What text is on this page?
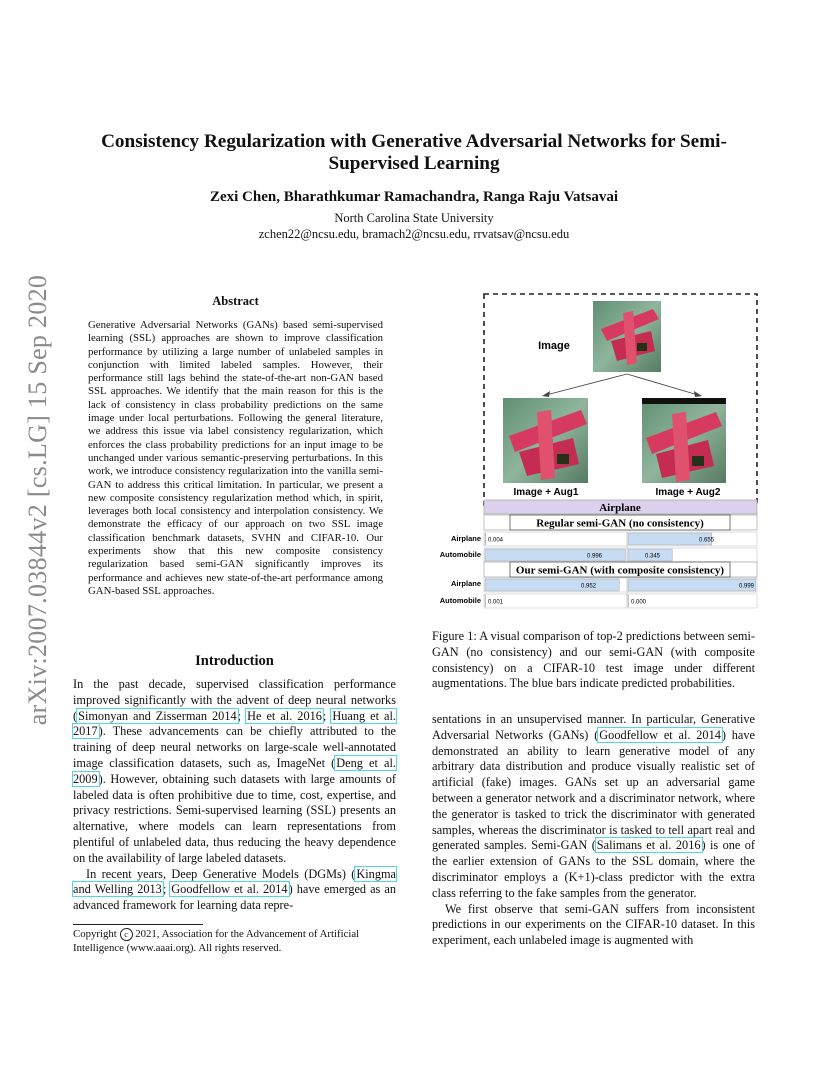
arXiv:2007.03844v2 [cs.LG] 15 Sep 2020
Consistency Regularization with Generative Adversarial Networks for Semi-Supervised Learning
Zexi Chen, Bharathkumar Ramachandra, Ranga Raju Vatsavai
North Carolina State University
zchen22@ncsu.edu, bramach2@ncsu.edu, rrvatsav@ncsu.edu
Abstract
Generative Adversarial Networks (GANs) based semi-supervised learning (SSL) approaches are shown to improve classification performance by utilizing a large number of unlabeled samples in conjunction with limited labeled samples. However, their performance still lags behind the state-of-the-art non-GAN based SSL approaches. We identify that the main reason for this is the lack of consistency in class probability predictions on the same image under local perturbations. Following the general literature, we address this issue via label consistency regularization, which enforces the class probability predictions for an input image to be unchanged under various semantic-preserving perturbations. In this work, we introduce consistency regularization into the vanilla semi-GAN to address this critical limitation. In particular, we present a new composite consistency regularization method which, in spirit, leverages both local consistency and interpolation consistency. We demonstrate the efficacy of our approach on two SSL image classification benchmark datasets, SVHN and CIFAR-10. Our experiments show that this new composite consistency regularization based semi-GAN significantly improves its performance and achieves new state-of-the-art performance among GAN-based SSL approaches.
Introduction

In the past decade, supervised classification performance improved significantly with the advent of deep neural networks (Simonyan and Zisserman 2014; He et al. 2016; Huang et al. 2017). These advancements can be chiefly attributed to the training of deep neural networks on large-scale well-annotated image classification datasets, such as, ImageNet (Deng et al. 2009). However, obtaining such datasets with large amounts of labeled data is often prohibitive due to time, cost, expertise, and privacy restrictions. Semi-supervised learning (SSL) presents an alternative, where models can learn representations from plentiful of unlabeled data, thus reducing the heavy dependence on the availability of large labeled datasets.

In recent years, Deep Generative Models (DGMs) (Kingma and Welling 2013; Goodfellow et al. 2014) have emerged as an advanced framework for learning data repre-

Copyright c 2021, Association for the Advancement of Artificial Intelligence (www.aaai.org). All rights reserved.
Image
Image + Aug1	Image + Aug2
Airplane
Regular semi-GAN (no consistency)
Airplane
Automobile
0.004
0.996
0.655
0.345
Our semi-GAN (with composite consistency)
Airplane
Automobile
0.952
0.001
0.999
0.000
Figure 1: A visual comparison of top-2 predictions between semi-GAN (no consistency) and our semi-GAN (with composite consistency) on a CIFAR-10 test image under different augmentations. The blue bars indicate predicted probabilities.

sentations in an unsupervised manner. In particular, Generative Adversarial Networks (GANs) (Goodfellow et al. 2014) have demonstrated an ability to learn generative model of any arbitrary data distribution and produce visually realistic set of artificial (fake) images. GANs set up an adversarial game between a generator network and a discriminator network, where the generator is tasked to trick the discriminator with generated samples, whereas the discriminator is tasked to tell apart real and generated samples. Semi-GAN (Salimans et al. 2016) is one of the earlier extension of GANs to the SSL domain, where the discriminator employs a (K+1)-class predictor with the extra class referring to the fake samples from the generator.

We first observe that semi-GAN suffers from inconsistent predictions in our experiments on the CIFAR-10 dataset. In this experiment, each unlabeled image is augmented with
